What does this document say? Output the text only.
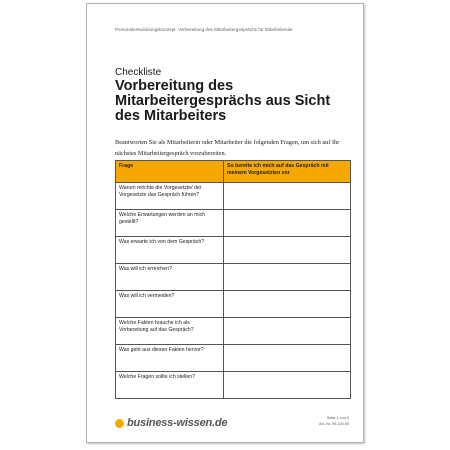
Personalentwicklungskonzept: Vorbereitung des Mitarbeitergesprächs für Mitarbeitende
Checkliste
Vorbereitung des Mitarbeitergesprächs aus Sicht des Mitarbeiters
Beantworten Sie als Mitarbeiterin oder Mitarbeiter die folgenden Fragen, um sich auf Ihr nächstes Mitarbeitergespräch vorzubereiten.
Frage	So bereite ich mich auf das Gespräch mit meinem Vorgesetzten vor
Warum möchte die Vorgesetzte/ der Vorgesetzte das Gespräch führen?	
Welche Erwartungen werden an mich gestellt?	
Was erwarte ich von dem Gespräch?	
Was will ich erreichen?	
Was will ich vermeiden?	
Welche Fakten brauche ich als Vorbereitung auf das Gespräch?	
Was geht aus diesen Fakten hervor?	
Welche Fragen sollte ich stellen?	
business-wissen.de	Seite 1 von 3
Art.-Nr. 99.100.00
